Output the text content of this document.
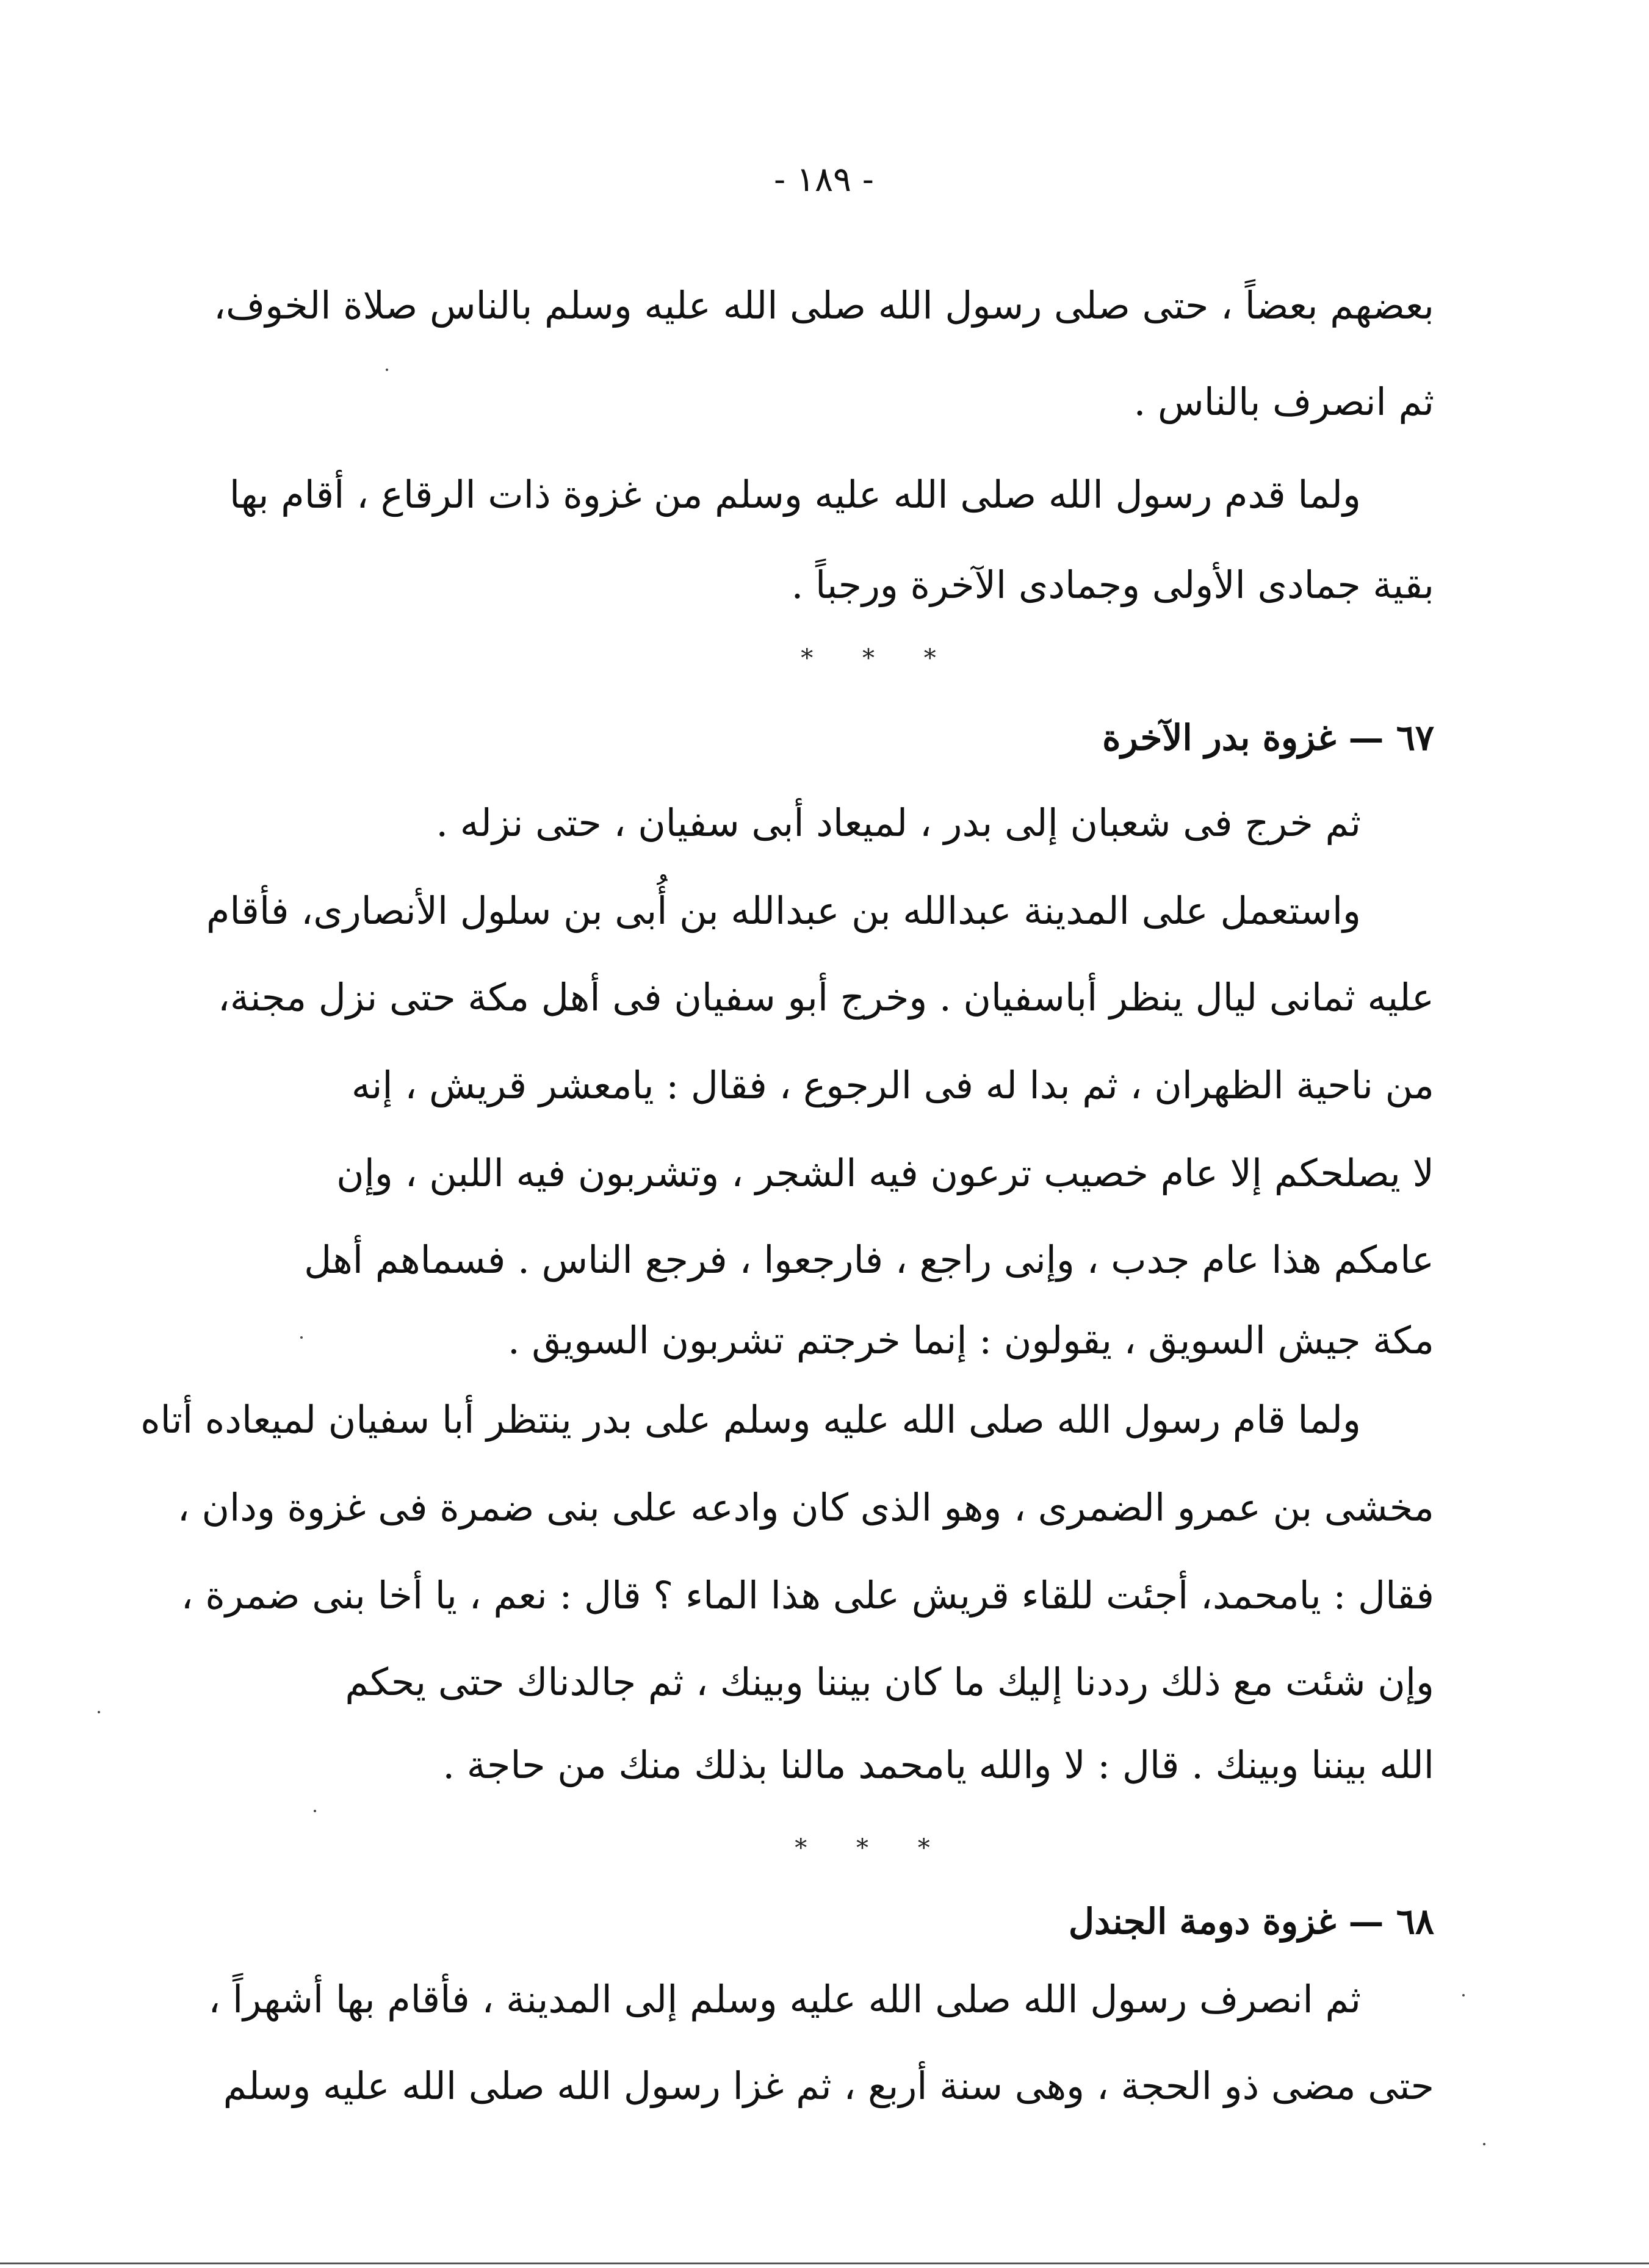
- ١٨٩ -
بعضهم بعضاً ، حتى صلى رسول الله صلى الله عليه وسلم بالناس صلاة الخوف،
ثم انصرف بالناس .
ولما قدم رسول الله صلى الله عليه وسلم من غزوة ذات الرقاع ، أقام بها
بقية جمادى الأولى وجمادى الآخرة ورجباً .
٦٧ — غزوة بدر الآخرة
ثم خرج فى شعبان إلى بدر ، لميعاد أبى سفيان ، حتى نزله .
واستعمل على المدينة عبدالله بن عبدالله بن أُبى بن سلول الأنصارى، فأقام
عليه ثمانى ليال ينظر أباسفيان . وخرج أبو سفيان فى أهل مكة حتى نزل مجنة،
من ناحية الظهران ، ثم بدا له فى الرجوع ، فقال : يامعشر قريش ، إنه
لا يصلحكم إلا عام خصيب ترعون فيه الشجر ، وتشربون فيه اللبن ، وإن
عامكم هذا عام جدب ، وإنى راجع ، فارجعوا ، فرجع الناس . فسماهم أهل
مكة جيش السويق ، يقولون : إنما خرجتم تشربون السويق .
ولما قام رسول الله صلى الله عليه وسلم على بدر ينتظر أبا سفيان لميعاده أتاه
مخشى بن عمرو الضمرى ، وهو الذى كان وادعه على بنى ضمرة فى غزوة ودان ،
فقال : يامحمد، أجئت للقاء قريش على هذا الماء ؟ قال : نعم ، يا أخا بنى ضمرة ،
وإن شئت مع ذلك رددنا إليك ما كان بيننا وبينك ، ثم جالدناك حتى يحكم
الله بيننا وبينك . قال : لا والله يامحمد مالنا بذلك منك من حاجة .
٦٨ — غزوة دومة الجندل
ثم انصرف رسول الله صلى الله عليه وسلم إلى المدينة ، فأقام بها أشهراً ،
حتى مضى ذو الحجة ، وهى سنة أربع ، ثم غزا رسول الله صلى الله عليه وسلم
* * *
* * *
